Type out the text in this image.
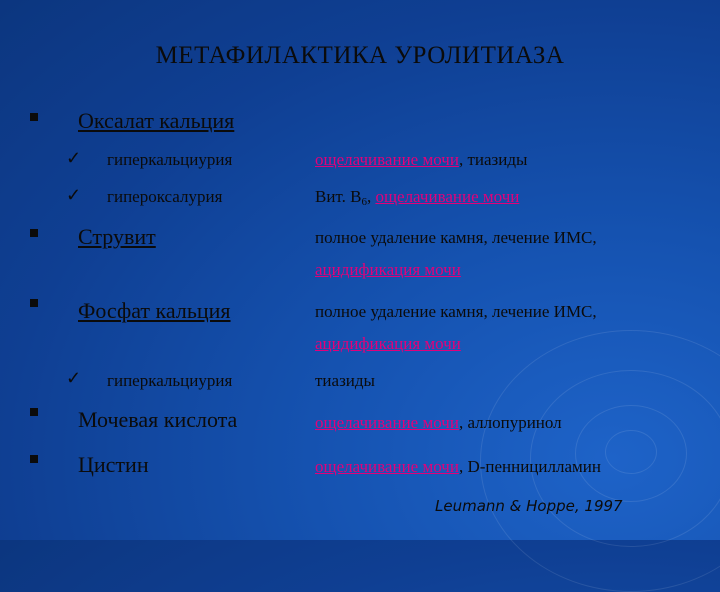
МЕТАФИЛАКТИКА УРОЛИТИАЗА
Оксалат кальция
✓ гиперкальциурия	ощелачивание мочи, тиазиды
✓ гипероксалурия	Вит. $B_6$, ощелачивание мочи
Струвит	полное удаление камня, лечение ИМС,
ацидификация мочи
Фосфат кальция	полное удаление камня, лечение ИМС,
ацидификация мочи
✓ гиперкальциурия	тиазиды
Мочевая кислота	ощелачивание мочи, аллопуринол
Цистин	ощелачивание мочи, D-пенницилламин
Leumann & Hoppe, 1997
